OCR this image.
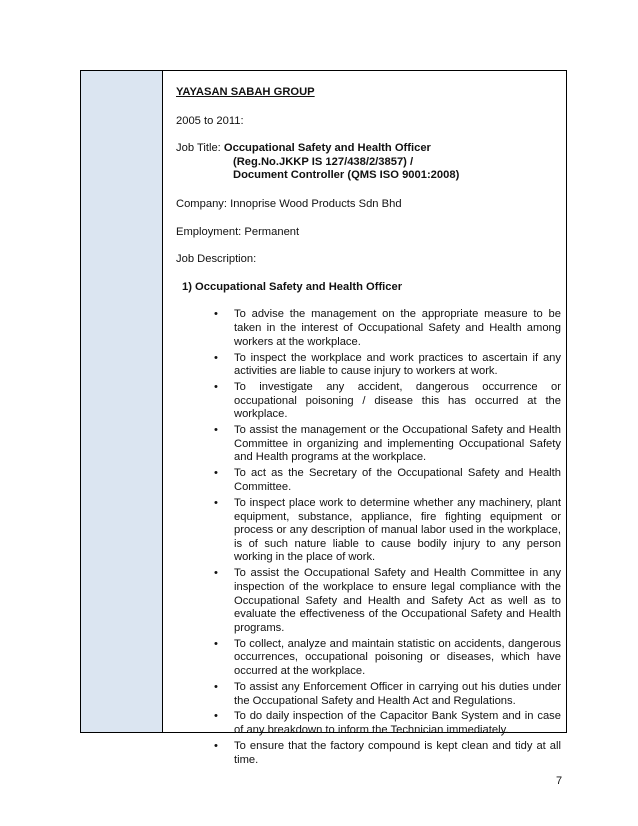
YAYASAN SABAH GROUP

2005 to 2011:

Job Title: Occupational Safety and Health Officer
(Reg.No.JKKP IS 127/438/2/3857) /
Document Controller (QMS ISO 9001:2008)

Company: Innoprise Wood Products Sdn Bhd

Employment: Permanent

Job Description:

1) Occupational Safety and Health Officer

• To advise the management on the appropriate measure to be taken in the interest of Occupational Safety and Health among workers at the workplace.
• To inspect the workplace and work practices to ascertain if any activities are liable to cause injury to workers at work.
• To investigate any accident, dangerous occurrence or occupational poisoning / disease this has occurred at the workplace.
• To assist the management or the Occupational Safety and Health Committee in organizing and implementing Occupational Safety and Health programs at the workplace.
• To act as the Secretary of the Occupational Safety and Health Committee.
• To inspect place work to determine whether any machinery, plant equipment, substance, appliance, fire fighting equipment or process or any description of manual labor used in the workplace, is of such nature liable to cause bodily injury to any person working in the place of work.
• To assist the Occupational Safety and Health Committee in any inspection of the workplace to ensure legal compliance with the Occupational Safety and Health and Safety Act as well as to evaluate the effectiveness of the Occupational Safety and Health programs.
• To collect, analyze and maintain statistic on accidents, dangerous occurrences, occupational poisoning or diseases, which have occurred at the workplace.
• To assist any Enforcement Officer in carrying out his duties under the Occupational Safety and Health Act and Regulations.
• To do daily inspection of the Capacitor Bank System and in case of any breakdown to inform the Technician immediately.
• To ensure that the factory compound is kept clean and tidy at all time.
7
